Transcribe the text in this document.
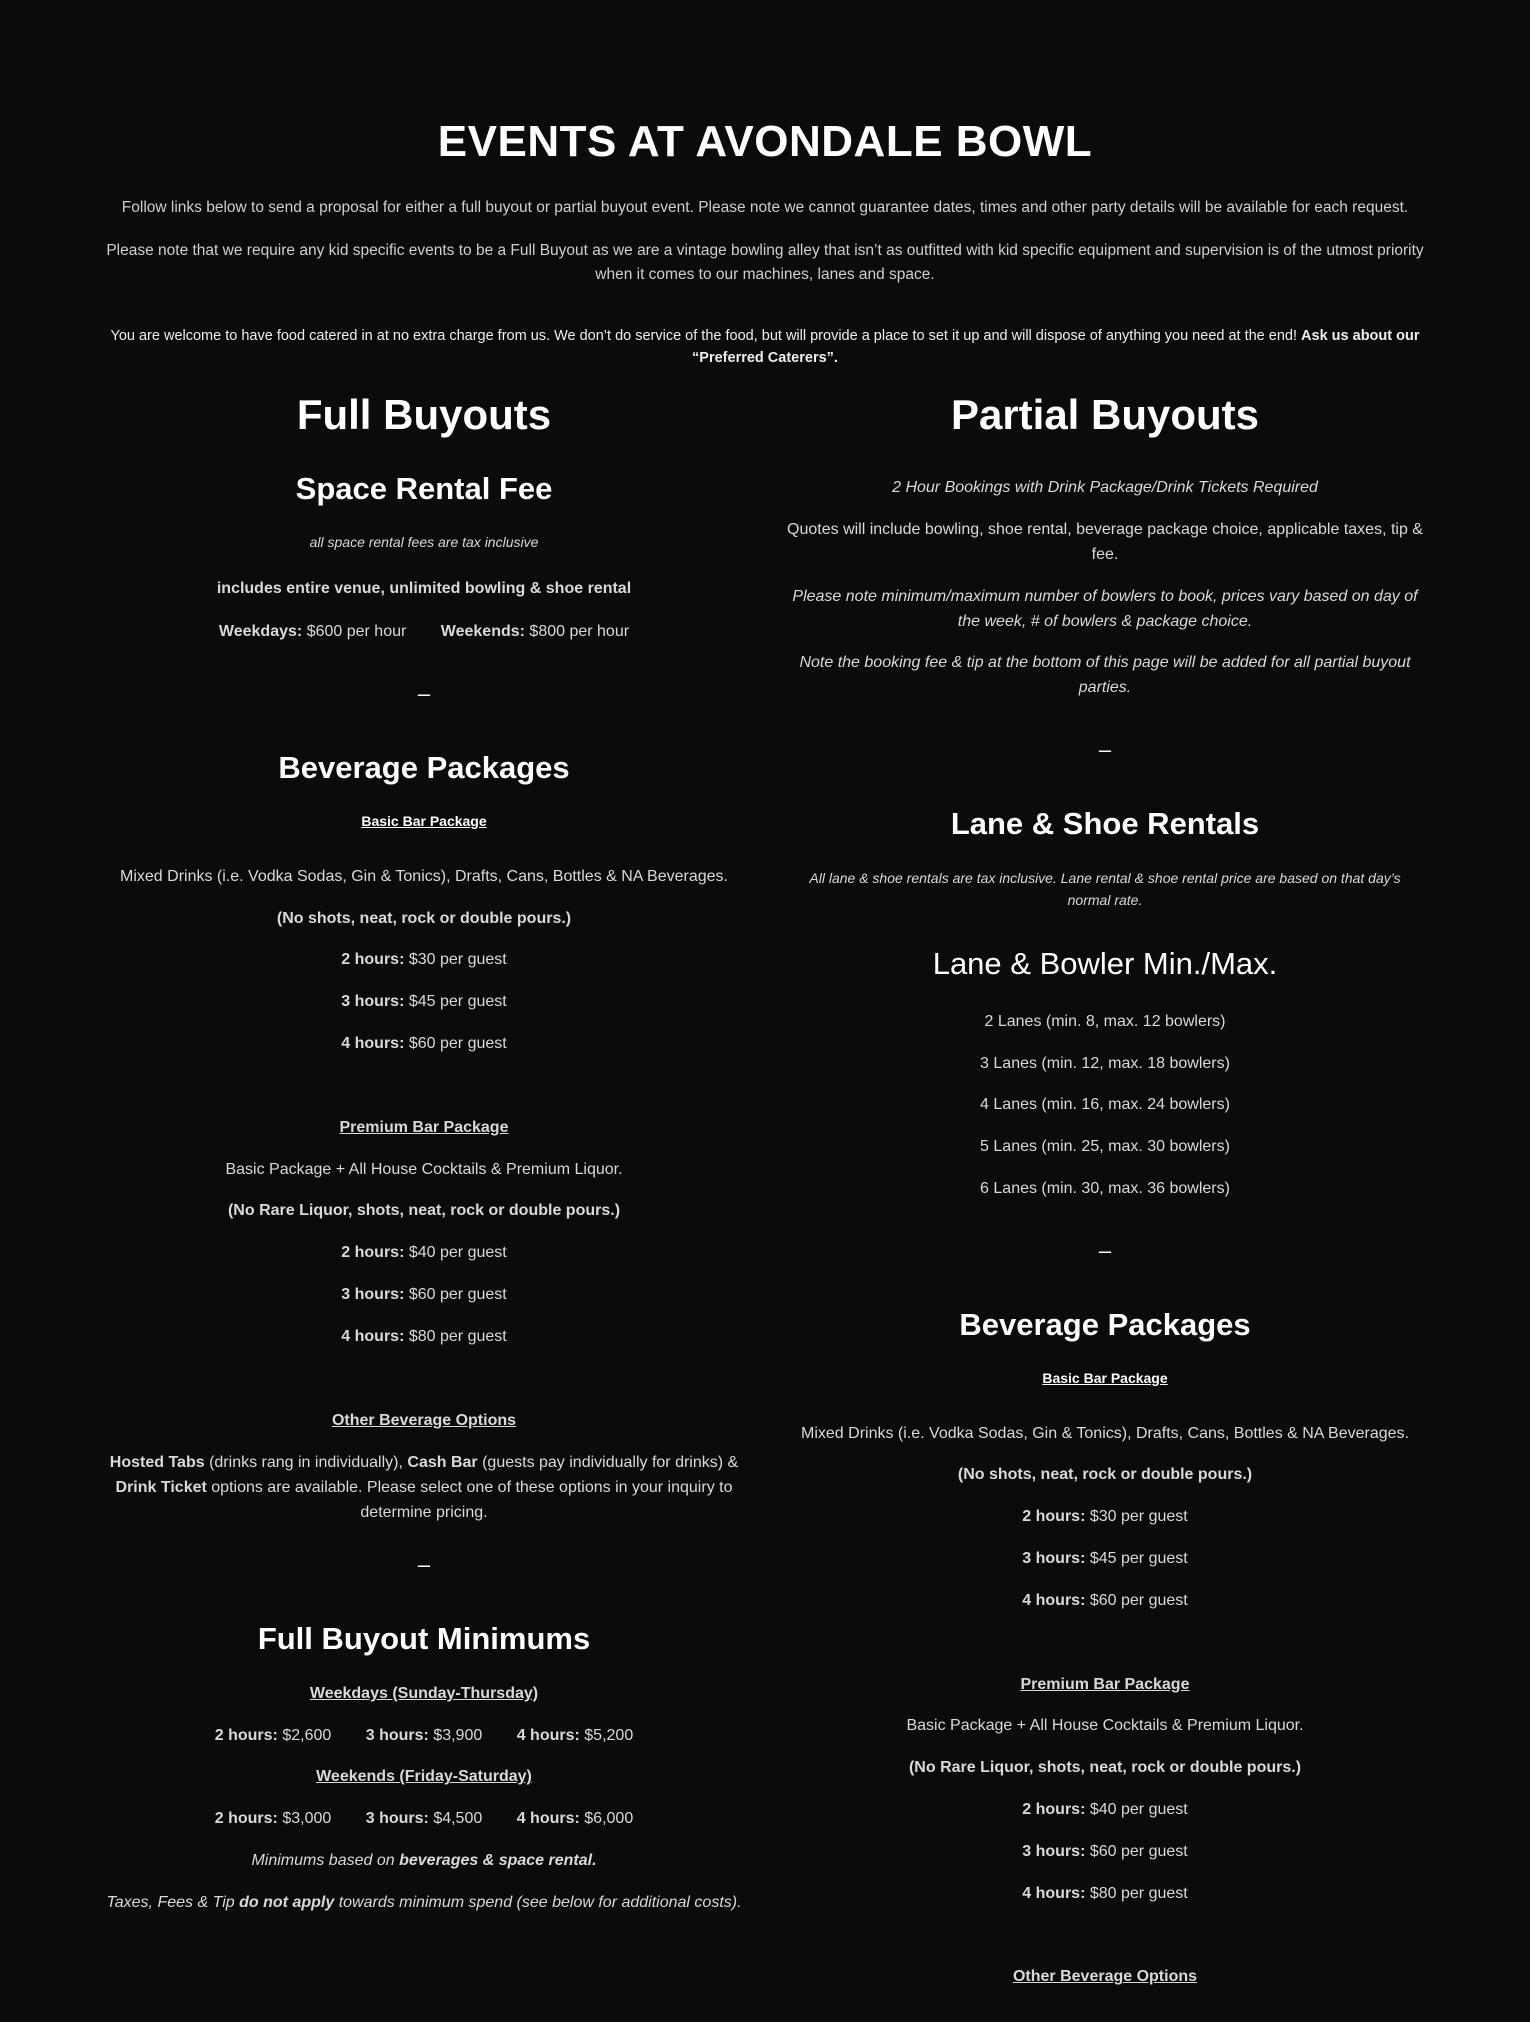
EVENTS AT AVONDALE BOWL

Follow links below to send a proposal for either a full buyout or partial buyout event. Please note we cannot guarantee dates, times and other party details will be available for each request.

Please note that we require any kid specific events to be a Full Buyout as we are a vintage bowling alley that isn’t as outfitted with kid specific equipment and supervision is of the utmost priority when it comes to our machines, lanes and space.

You are welcome to have food catered in at no extra charge from us. We don’t do service of the food, but will provide a place to set it up and will dispose of anything you need at the end! Ask us about our “Preferred Caterers”.

Full Buyouts
Space Rental Fee

all space rental fees are tax inclusive

includes entire venue, unlimited bowling & shoe rental

Weekdays: $600 per hour Weekends: $800 per hour

–
Beverage Packages

Basic Bar Package

Mixed Drinks (i.e. Vodka Sodas, Gin & Tonics), Drafts, Cans, Bottles & NA Beverages.

(No shots, neat, rock or double pours.)

2 hours: $30 per guest

3 hours: $45 per guest

4 hours: $60 per guest

Premium Bar Package

Basic Package + All House Cocktails & Premium Liquor.

(No Rare Liquor, shots, neat, rock or double pours.)

2 hours: $40 per guest

3 hours: $60 per guest

4 hours: $80 per guest

Other Beverage Options

Hosted Tabs (drinks rang in individually), Cash Bar (guests pay individually for drinks) & Drink Ticket options are available. Please select one of these options in your inquiry to determine pricing.

–
Full Buyout Minimums

Weekdays (Sunday-Thursday)

2 hours: $2,600 3 hours: $3,900 4 hours: $5,200

Weekends (Friday-Saturday)

2 hours: $3,000 3 hours: $4,500 4 hours: $6,000

Minimums based on beverages & space rental.

Taxes, Fees & Tip do not apply towards minimum spend (see below for additional costs).

Partial Buyouts

2 Hour Bookings with Drink Package/Drink Tickets Required

Quotes will include bowling, shoe rental, beverage package choice, applicable taxes, tip & fee.

Please note minimum/maximum number of bowlers to book, prices vary based on day of the week, # of bowlers & package choice.

Note the booking fee & tip at the bottom of this page will be added for all partial buyout parties.

–
Lane & Shoe Rentals

All lane & shoe rentals are tax inclusive. Lane rental & shoe rental price are based on that day’s normal rate.

Lane & Bowler Min./Max.

2 Lanes (min. 8, max. 12 bowlers)

3 Lanes (min. 12, max. 18 bowlers)

4 Lanes (min. 16, max. 24 bowlers)

5 Lanes (min. 25, max. 30 bowlers)

6 Lanes (min. 30, max. 36 bowlers)

–
Beverage Packages

Basic Bar Package

Mixed Drinks (i.e. Vodka Sodas, Gin & Tonics), Drafts, Cans, Bottles & NA Beverages.

(No shots, neat, rock or double pours.)

2 hours: $30 per guest

3 hours: $45 per guest

4 hours: $60 per guest

Premium Bar Package

Basic Package + All House Cocktails & Premium Liquor.

(No Rare Liquor, shots, neat, rock or double pours.)

2 hours: $40 per guest

3 hours: $60 per guest

4 hours: $80 per guest

Other Beverage Options
